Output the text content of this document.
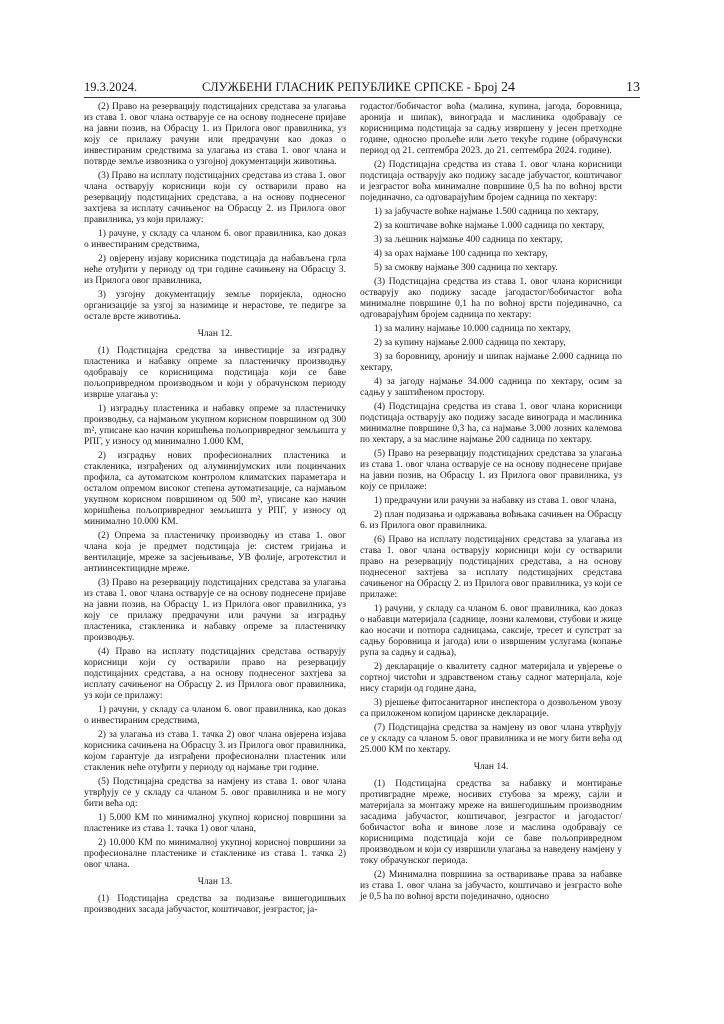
19.3.2024.	СЛУЖБЕНИ ГЛАСНИК РЕПУБЛИКЕ СРПСКЕ - Број 24	13

(2) Право на резервацију подстицајних средстава за улагања из става 1. овог члана остварује се на основу поднесене пријаве на јавни позив, на Обрасцу 1. из Прилога овог правилника, уз коју се прилажу рачуни или предрачуни као доказ о инвестираним средствима за улагања из става 1. овог члана и потврде земље извозника о узгојној документацији животиња.

(3) Право на исплату подстицајних средстава из става 1. овог члана остварују корисници који су остварили право на резервацију подстицајних средстава, а на основу поднесеног захтјева за исплату сачињеног на Обрасцу 2. из Прилога овог правилника, уз који прилажу:

1) рачуне, у складу са чланом 6. овог правилника, као доказ о инвестираним средствима,

2) овјерену изјаву корисника подстицаја да набављена грла неће отуђити у периоду од три године сачињену на Обрасцу 3. из Прилога овог правилника,

3) узгојну документацију земље поријекла, односно организације за узгој за назимице и нерастове, те педигре за остале врсте животиња.

Члан 12.

(1) Подстицајна средства за инвестиције за изградњу пластеника и набавку опреме за пластеничку производњу одобравају се корисницима подстицаја који се баве пољопривредном производњом и који у обрачунском периоду изврше улагања у:

1) изградњу пластеника и набавку опреме за пластеничку производњу, са најмањом укупном корисном површином од 300 m², уписане као начин коришћења пољопривредног земљишта у РПГ, у износу од минимално 1.000 КМ,

2) изградњу нових професионалних пластеника и стакленика, изграђених од алуминијумских или поцинчаних профила, са аутоматском контролом климатских параметара и осталом опремом високог степена аутоматизације, са најмањом укупном корисном површином од 500 m², уписане као начин коришћења пољопривредног земљишта у РПГ, у износу од минимално 10.000 КМ.

(2) Опрема за пластеничку производњу из става 1. овог члана која је предмет подстицаја је: систем гријања и вентилације, мреже за засјењивање, УВ фолије, агротекстил и антиинсектицидне мреже.

(3) Право на резервацију подстицајних средстава за улагања из става 1. овог члана остварује се на основу поднесене пријаве на јавни позив, на Обрасцу 1. из Прилога овог правилника, уз коју се прилажу предрачуни или рачуни за изградњу пластеника, стакленика и набавку опреме за пластеничку производњу.

(4) Право на исплату подстицајних средстава остварују корисници који су остварили право на резервацију подстицајних средстава, а на основу поднесеног захтјева за исплату сачињеног на Обрасцу 2. из Прилога овог правилника, уз који се прилажу:

1) рачуни, у складу са чланом 6. овог правилника, као доказ о инвестираним средствима,

2) за улагања из става 1. тачка 2) овог члана овјерена изјава корисника сачињена на Обрасцу 3. из Прилога овог правилника, којом гарантује да изграђени професионални пластеник или стакленик неће отуђити у периоду од најмање три године.

(5) Подстицајна средства за намјену из става 1. овог члана утврђују се у складу са чланом 5. овог правилника и не могу бити већа од:

1) 5.000 КМ по минималној укупној корисној површини за пластенике из става 1. тачка 1) овог члана,

2) 10.000 КМ по минималној укупној корисној површини за професионалне пластенике и стакленике из става 1. тачка 2) овог члана.

Члан 13.

(1) Подстицајна средства за подизање вишегодишњих производних засада јабучастог, коштичавог, језграстог, ја-

годастог/бобичастог воћа (малина, купина, јагода, боровница, аронија и шипак), винограда и маслиника одобравају се корисницима подстицаја за садњу извршену у јесен претходне године, односно прољеће или љето текуће године (обрачунски период од 21. септембра 2023. до 21. септембра 2024. године).

(2) Подстицајна средства из става 1. овог члана корисници подстицаја остварују ако подижу засаде јабучастог, коштичавог и језграстог воћа минималне површине 0,5 hа по воћној врсти појединачно, са одговарајућим бројем садница по хектару:

1) за јабучасте воћке најмање 1.500 садница по хектару,

2) за коштичаве воћке најмање 1.000 садница по хектару,

3) за љешник најмање 400 садница по хектару,

4) за орах најмање 100 садница по хектару,

5) за смокву најмање 300 садница по хектару.

(3) Подстицајна средства из става 1. овог члана корисници остварују ако подижу засаде јагодастог/бобичастог воћа минималне површине 0,1 hа по воћној врсти појединачно, са одговарајућим бројем садница по хектару:

1) за малину најмање 10.000 садница по хектару,

2) за купину најмање 2.000 садница по хектару,

3) за боровницу, аронију и шипак најмање 2.000 садница по хектару,

4) за јагоду најмање 34.000 садница по хектару, осим за садњу у заштићеном простору.

(4) Подстицајна средства из става 1. овог члана корисници подстицаја остварују ако подижу засаде винограда и маслиника минималне површине 0,3 hа, са најмање 3.000 лозних калемова по хектару, а за маслине најмање 200 садница по хектару.

(5) Право на резервацију подстицајних средстава за улагања из става 1. овог члана остварује се на основу поднесене пријаве на јавни позив, на Обрасцу 1. из Прилога овог правилника, уз коју се прилаже:

1) предрачуни или рачуни за набавку из става 1. овог члана,

2) план подизања и одржавања воћњака сачињен на Обрасцу 6. из Прилога овог правилника.

(6) Право на исплату подстицајних средстава за улагања из става 1. овог члана остварују корисници који су остварили право на резервацију подстицајних средстава, а на основу поднесеног захтјева за исплату подстицајних средстава сачињеног на Обрасцу 2. из Прилога овог правилника, уз који се прилаже:

1) рачуни, у складу са чланом 6. овог правилника, као доказ о набавци материјала (саднице, лозни калемови, стубови и жице као носачи и потпора садницама, саксије, тресет и супстрат за садњу боровница и јагода) или о извршеним услугама (копање рупа за садњу и садња),

2) декларације о квалитету садног материјала и увјерење о сортној чистоћи и здравственом стању садног материјала, које нису старији од године дана,

3) рјешење фитосанитарног инспектора о дозвољеном увозу са приложеном копијом царинске декларације.

(7) Подстицајна средства за намјену из овог члана утврђују се у складу са чланом 5. овог правилника и не могу бити већа од 25.000 КМ по хектару.

Члан 14.

(1) Подстицајна средства за набавку и монтирање противградне мреже, носивих стубова за мрежу, сајли и материјала за монтажу мреже на вишегодишњим производним засадима јабучастог, коштичавог, језграстог и јагодастог/бобичастог воћа и винове лозе и маслина одобравају се корисницима подстицаја који се баве пољопривредном производњом и који су извршили улагања за наведену намјену у току обрачунског периода.

(2) Минимална површина за остваривање права за набавке из става 1. овог члана за јабучасто, коштичаво и језграсто воће је 0,5 hа по воћној врсти појединачно, односно
